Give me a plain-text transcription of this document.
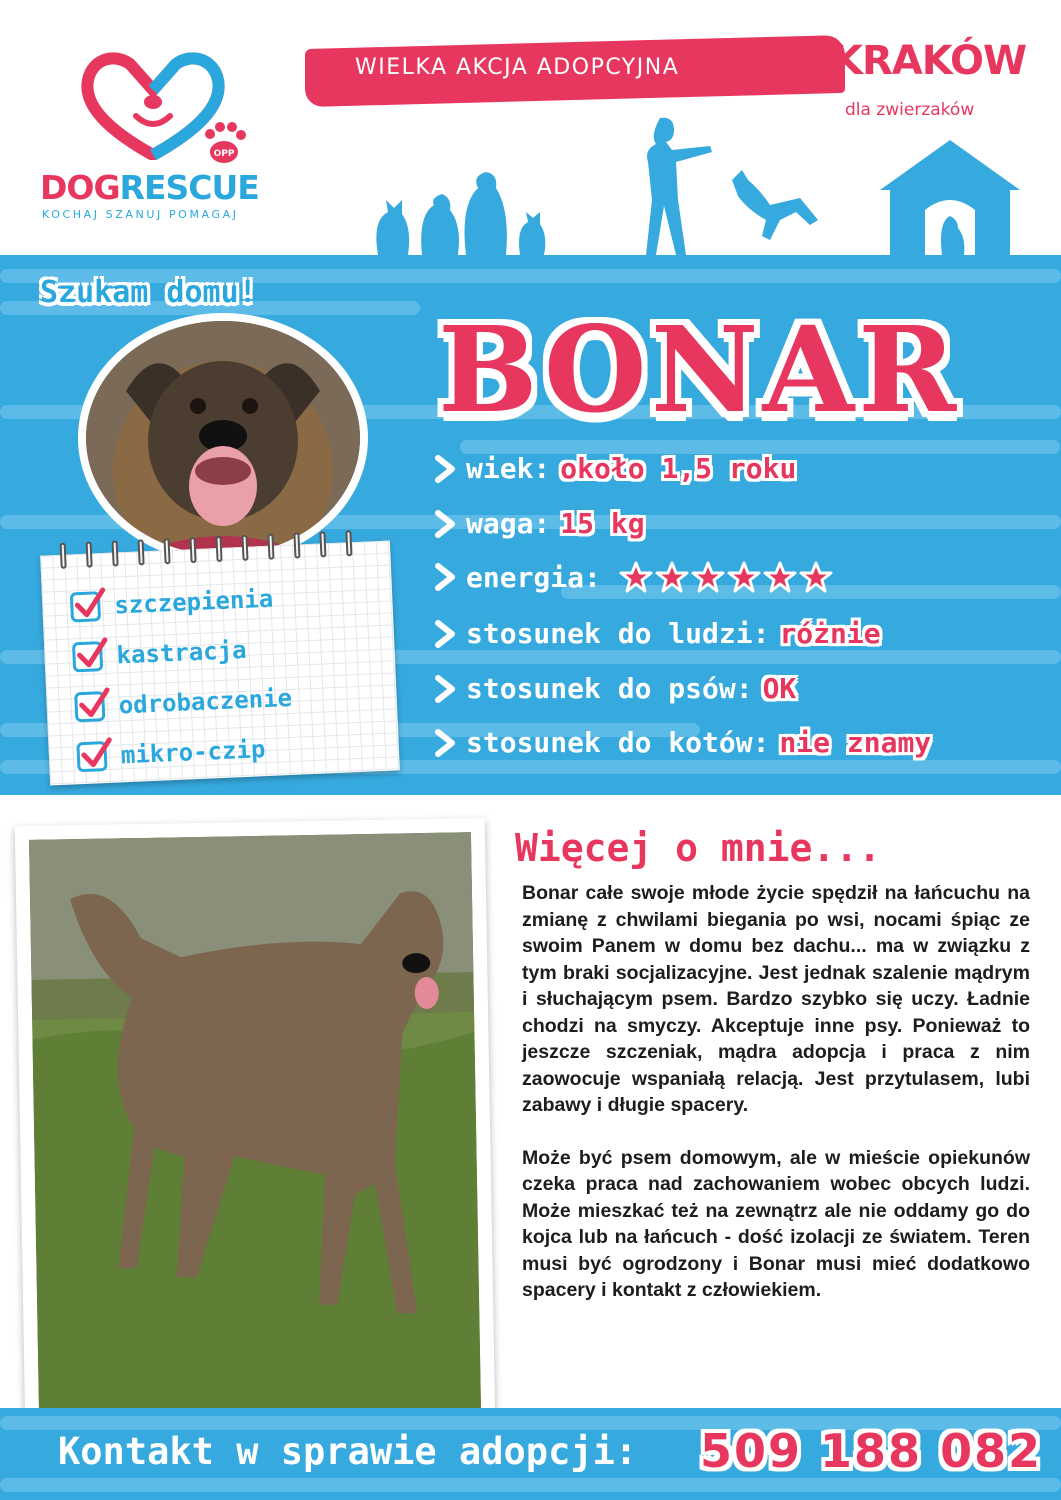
OPP
DOGRESCUE
KOCHAJ SZANUJ POMAGAJ
WIELKA AKCJA ADOPCYJNA	KRAKÓW
dla zwierzaków
Szukam domu!
szczepienia
kastracja
odrobaczenie
mikro-czip
BONAR
wiek: około 1,5 roku
waga: 15 kg
energia:
stosunek do ludzi: różnie
stosunek do psów: OK
stosunek do kotów: nie znamy
Więcej o mnie...

Bonar całe swoje młode życie spędził na łańcuchu na zmianę z chwilami biegania po wsi, nocami śpiąc ze swoim Panem w domu bez dachu... ma w związku z tym braki socjalizacyjne. Jest jednak szalenie mądrym i słuchającym psem. Bardzo szybko się uczy. Ładnie chodzi na smyczy. Akceptuje inne psy. Ponieważ to jeszcze szczeniak, mądra adopcja i praca z nim zaowocuje wspaniałą relacją. Jest przytulasem, lubi zabawy i długie spacery.

Może być psem domowym, ale w mieście opiekunów czeka praca nad zachowaniem wobec obcych ludzi. Może mieszkać też na zewnątrz ale nie oddamy go do kojca lub na łańcuch - dość izolacji ze światem. Teren musi być ogrodzony i Bonar musi mieć dodatkowo spacery i kontakt z człowiekiem.

Kontakt w sprawie adopcji: 509 188 082
